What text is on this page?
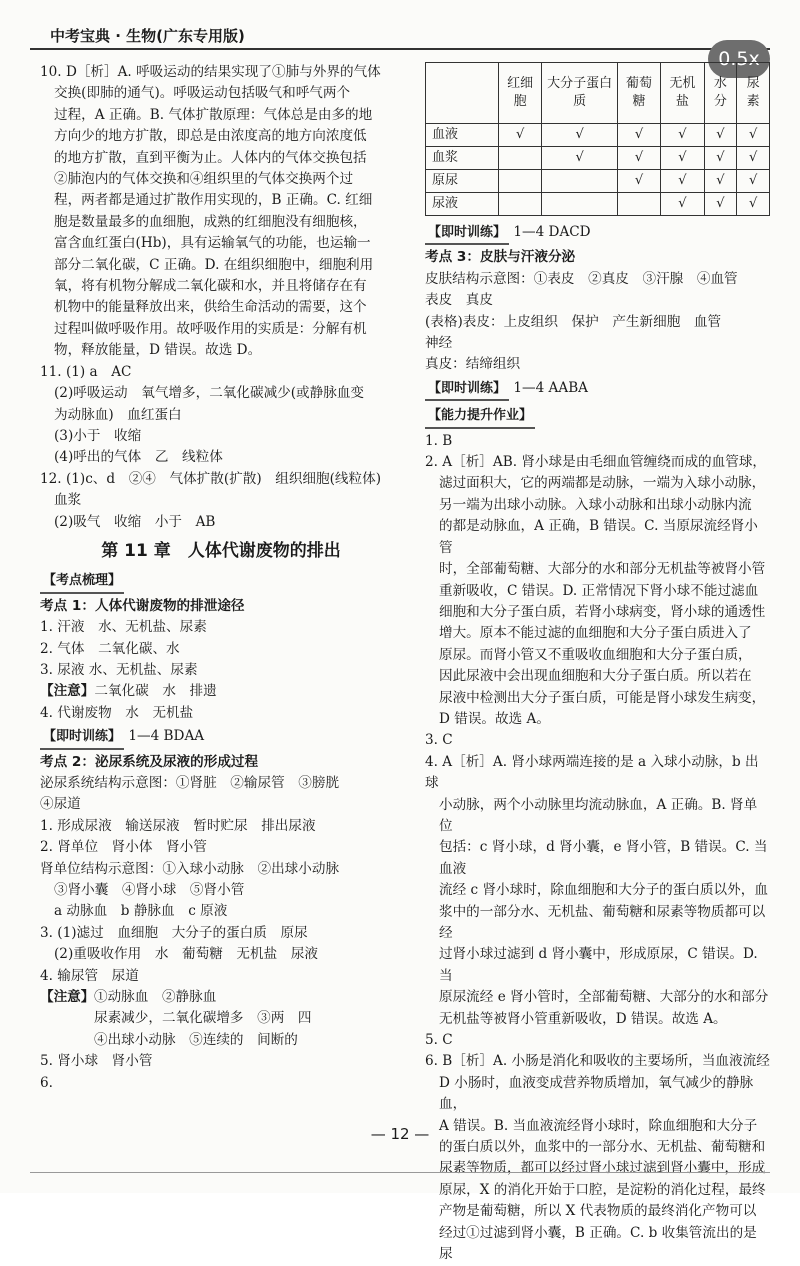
中考宝典 · 生物(广东专用版)
0.5x

10. D［析］A. 呼吸运动的结果实现了①肺与外界的气体

交换(即肺的通气)。呼吸运动包括吸气和呼气两个

过程，A 正确。B. 气体扩散原理：气体总是由多的地

方向少的地方扩散，即总是由浓度高的地方向浓度低

的地方扩散，直到平衡为止。人体内的气体交换包括

②肺泡内的气体交换和④组织里的气体交换两个过

程，两者都是通过扩散作用实现的，B 正确。C. 红细

胞是数量最多的血细胞，成熟的红细胞没有细胞核，

富含血红蛋白(Hb)，具有运输氧气的功能，也运输一

部分二氧化碳，C 正确。D. 在组织细胞中，细胞利用

氧，将有机物分解成二氧化碳和水，并且将储存在有

机物中的能量释放出来，供给生命活动的需要，这个

过程叫做呼吸作用。故呼吸作用的实质是：分解有机

物，释放能量，D 错误。故选 D。

11. (1) a　AC

(2)呼吸运动　氧气增多，二氧化碳减少(或静脉血变

为动脉血)　血红蛋白

(3)小于　收缩

(4)呼出的气体　乙　线粒体

12. (1)c、d　②④　气体扩散(扩散)　组织细胞(线粒体)

血浆

(2)吸气　收缩　小于　AB

第 11 章　人体代谢废物的排出
【考点梳理】

考点 1：人体代谢废物的排泄途径

1. 汗液　水、无机盐、尿素

2. 气体　二氧化碳、水

3. 尿液 水、无机盐、尿素

【注意】二氧化碳　水　排遗

4. 代谢废物　水　无机盐

【即时训练】 1—4 BDAA

考点 2：泌尿系统及尿液的形成过程

泌尿系统结构示意图：①肾脏　②输尿管　③膀胱

④尿道

1. 形成尿液　输送尿液　暂时贮尿　排出尿液

2. 肾单位　肾小体　肾小管

肾单位结构示意图：①入球小动脉　②出球小动脉

③肾小囊　④肾小球　⑤肾小管

a 动脉血　b 静脉血　c 原液

3. (1)滤过　血细胞　大分子的蛋白质　原尿

(2)重吸收作用　水　葡萄糖　无机盐　尿液

4. 输尿管　尿道

【注意】 ①动脉血　②静脉血

尿素减少，二氧化碳增多　③两　四

④出球小动脉　⑤连续的　间断的

5. 肾小球　肾小管

6.

	红细胞	大分子蛋白质	葡萄糖	无机盐	水分	尿素
血液	√	√	√	√	√	√
血浆		√	√	√	√	√
原尿			√	√	√	√
尿液				√	√	√

【即时训练】 1—4 DACD

考点 3：皮肤与汗液分泌

皮肤结构示意图：①表皮　②真皮　③汗腺　④血管

表皮　真皮

(表格)表皮：上皮组织　保护　产生新细胞　血管

神经

真皮：结缔组织

【即时训练】 1—4 AABA

【能力提升作业】

1. B

2. A［析］AB. 肾小球是由毛细血管缠绕而成的血管球，

滤过面积大，它的两端都是动脉，一端为入球小动脉，

另一端为出球小动脉。入球小动脉和出球小动脉内流

的都是动脉血，A 正确，B 错误。C. 当原尿流经肾小管

时，全部葡萄糖、大部分的水和部分无机盐等被肾小管

重新吸收，C 错误。D. 正常情况下肾小球不能过滤血

细胞和大分子蛋白质，若肾小球病变，肾小球的通透性

增大。原本不能过滤的血细胞和大分子蛋白质进入了

原尿。而肾小管又不重吸收血细胞和大分子蛋白质，

因此尿液中会出现血细胞和大分子蛋白质。所以若在

尿液中检测出大分子蛋白质，可能是肾小球发生病变，

D 错误。故选 A。

3. C

4. A［析］A. 肾小球两端连接的是 a 入球小动脉，b 出球

小动脉，两个小动脉里均流动脉血，A 正确。B. 肾单位

包括：c 肾小球，d 肾小囊，e 肾小管，B 错误。C. 当血液

流经 c 肾小球时，除血细胞和大分子的蛋白质以外，血

浆中的一部分水、无机盐、葡萄糖和尿素等物质都可以经

过肾小球过滤到 d 肾小囊中，形成原尿，C 错误。D. 当

原尿流经 e 肾小管时，全部葡萄糖、大部分的水和部分

无机盐等被肾小管重新吸收，D 错误。故选 A。

5. C

6. B［析］A. 小肠是消化和吸收的主要场所，当血液流经

D 小肠时，血液变成营养物质增加，氧气减少的静脉血，

A 错误。B. 当血液流经肾小球时，除血细胞和大分子

的蛋白质以外，血浆中的一部分水、无机盐、葡萄糖和

尿素等物质，都可以经过肾小球过滤到肾小囊中，形成

原尿，X 的消化开始于口腔，是淀粉的消化过程，最终

产物是葡萄糖，所以 X 代表物质的最终消化产物可以

经过①过滤到肾小囊，B 正确。C. b 收集管流出的是尿

— 12 —
